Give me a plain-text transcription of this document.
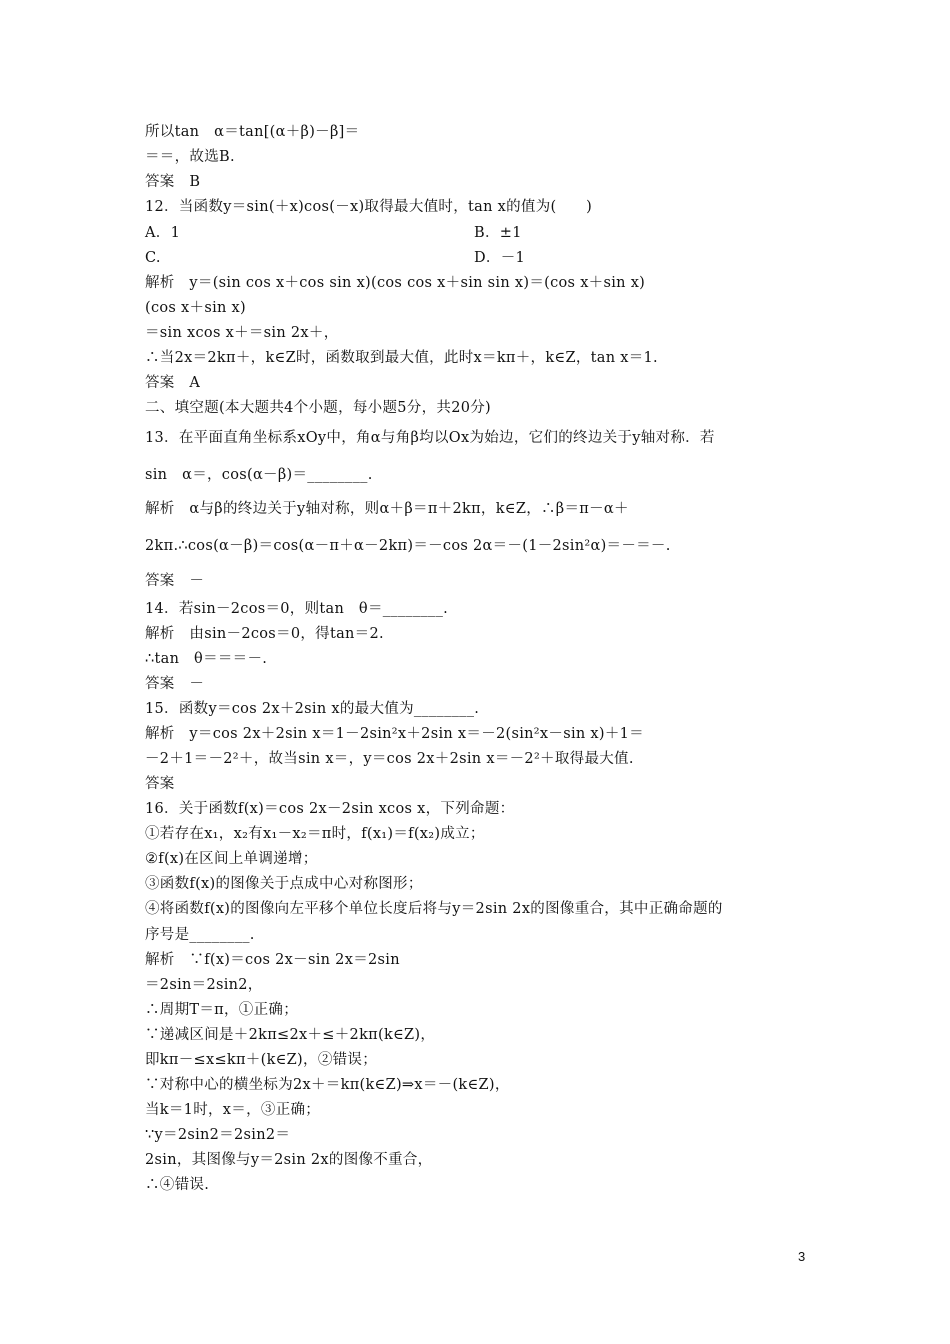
所以tan　α＝tan[(α＋β)－β]＝
＝＝，故选B.
答案　B
12．当函数y＝sin(＋x)cos(－x)取得最大值时，tan x的值为(　　)
A．1	B．±1
C.	D．－1
解析　y＝(sin cos x＋cos sin x)(cos cos x＋sin sin x)＝(cos x＋sin x)
(cos x＋sin x)
＝sin xcos x＋＝sin 2x＋，
∴当2x＝2kπ＋，k∈Z时，函数取到最大值，此时x＝kπ＋，k∈Z，tan x＝1.
答案　A
二、填空题(本大题共4个小题，每小题5分，共20分)
13．在平面直角坐标系xOy中，角α与角β均以Ox为始边，它们的终边关于y轴对称．若
sin　α＝，cos(α－β)＝________.
解析　α与β的终边关于y轴对称，则α＋β＝π＋2kπ，k∈Z，∴β＝π－α＋
2kπ.∴cos(α－β)＝cos(α－π＋α－2kπ)＝－cos 2α＝－(1－2sin²α)＝－＝－.
答案　－
14．若sin－2cos＝0，则tan　θ＝________.
解析　由sin－2cos＝0，得tan＝2.
∴tan　θ＝＝＝－.
答案　－
15．函数y＝cos 2x＋2sin x的最大值为________.
解析　y＝cos 2x＋2sin x＝1－2sin²x＋2sin x＝－2(sin²x－sin x)＋1＝
－2＋1＝－2²＋，故当sin x＝，y＝cos 2x＋2sin x＝－2²＋取得最大值.
答案
16．关于函数f(x)＝cos 2x－2sin xcos x，下列命题：
①若存在x₁，x₂有x₁－x₂＝π时，f(x₁)＝f(x₂)成立；
②f(x)在区间上单调递增；
③函数f(x)的图像关于点成中心对称图形；
④将函数f(x)的图像向左平移个单位长度后将与y＝2sin 2x的图像重合，其中正确命题的
序号是________.
解析　∵f(x)＝cos 2x－sin 2x＝2sin
＝2sin＝2sin2，
∴周期T＝π，①正确；
∵递减区间是＋2kπ≤2x＋≤＋2kπ(k∈Z)，
即kπ－≤x≤kπ＋(k∈Z)，②错误；
∵对称中心的横坐标为2x＋＝kπ(k∈Z)⇒x＝－(k∈Z)，
当k＝1时，x＝，③正确；
∵y＝2sin2＝2sin2＝
2sin，其图像与y＝2sin 2x的图像不重合，
∴④错误.
3
